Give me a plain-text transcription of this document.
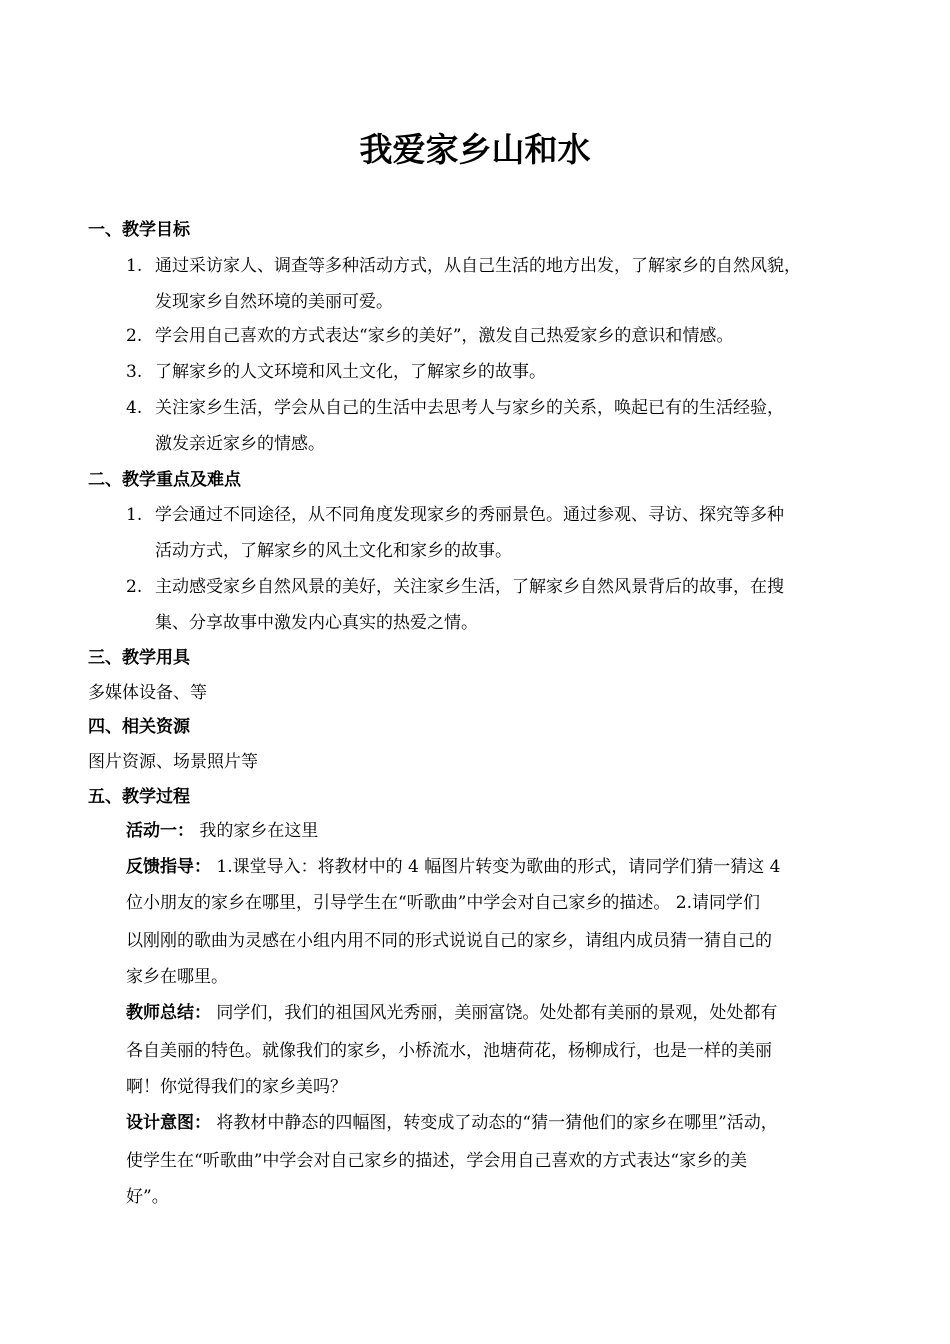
我爱家乡山和水
一、教学目标
1. 通过采访家人、调查等多种活动方式，从自己生活的地方出发，了解家乡的自然风貌，
发现家乡自然环境的美丽可爱。
2. 学会用自己喜欢的方式表达“家乡的美好”，激发自己热爱家乡的意识和情感。
3. 了解家乡的人文环境和风土文化，了解家乡的故事。
4. 关注家乡生活，学会从自己的生活中去思考人与家乡的关系，唤起已有的生活经验，
激发亲近家乡的情感。
二、教学重点及难点
1. 学会通过不同途径，从不同角度发现家乡的秀丽景色。通过参观、寻访、探究等多种
活动方式，了解家乡的风土文化和家乡的故事。
2. 主动感受家乡自然风景的美好，关注家乡生活，了解家乡自然风景背后的故事，在搜
集、分享故事中激发内心真实的热爱之情。
三、教学用具
多媒体设备、等
四、相关资源
图片资源、场景照片等
五、教学过程
活动一： 我的家乡在这里
反馈指导： 1.课堂导入：将教材中的 4 幅图片转变为歌曲的形式，请同学们猜一猜这 4
位小朋友的家乡在哪里，引导学生在“听歌曲”中学会对自己家乡的描述。 2.请同学们
以刚刚的歌曲为灵感在小组内用不同的形式说说自己的家乡，请组内成员猜一猜自己的
家乡在哪里。
教师总结： 同学们，我们的祖国风光秀丽，美丽富饶。处处都有美丽的景观，处处都有
各自美丽的特色。就像我们的家乡，小桥流水，池塘荷花，杨柳成行，也是一样的美丽
啊！你觉得我们的家乡美吗？
设计意图： 将教材中静态的四幅图，转变成了动态的“猜一猜他们的家乡在哪里”活动，
使学生在“听歌曲”中学会对自己家乡的描述，学会用自己喜欢的方式表达“家乡的美
好”。
